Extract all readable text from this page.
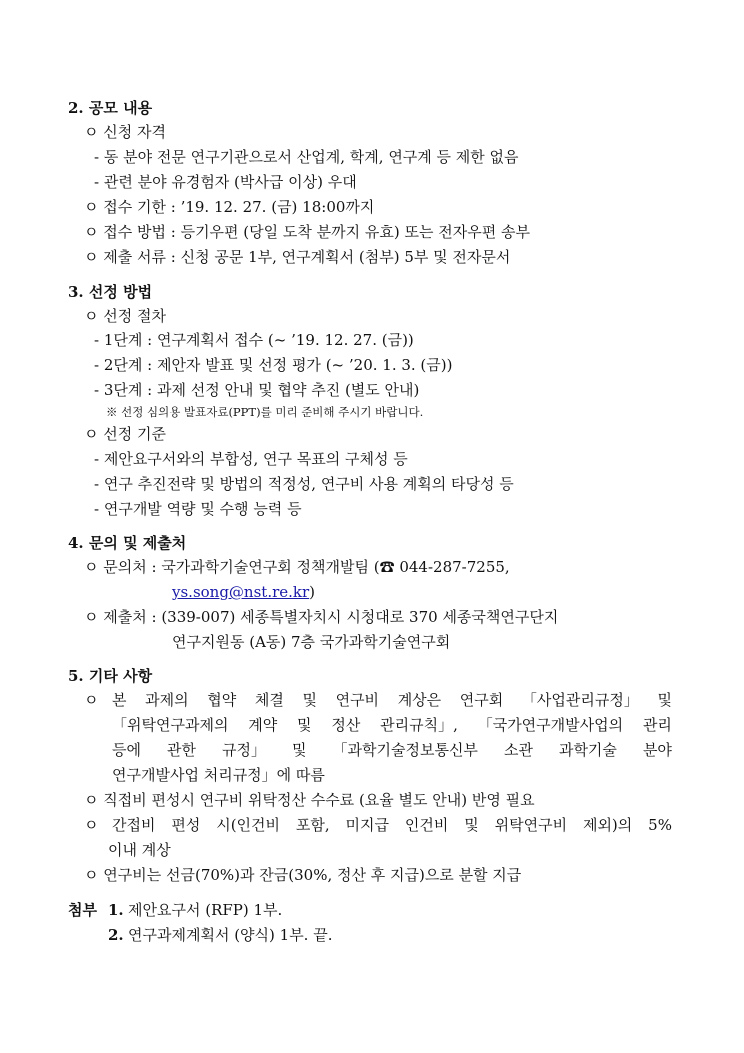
2. 공모 내용
ㅇ 신청 자격
- 동 분야 전문 연구기관으로서 산업계, 학계, 연구계 등 제한 없음
- 관련 분야 유경험자 (박사급 이상) 우대
ㅇ 접수 기한 : ’19. 12. 27. (금) 18:00까지
ㅇ 접수 방법 : 등기우편 (당일 도착 분까지 유효) 또는 전자우편 송부
ㅇ 제출 서류 : 신청 공문 1부, 연구계획서 (첨부) 5부 및 전자문서
3. 선정 방법
ㅇ 선정 절차
- 1단계 : 연구계획서 접수 (~ ’19. 12. 27. (금))
- 2단계 : 제안자 발표 및 선정 평가 (~ ’20. 1. 3. (금))
- 3단계 : 과제 선정 안내 및 협약 추진 (별도 안내)
※ 선정 심의용 발표자료(PPT)를 미리 준비해 주시기 바랍니다.
ㅇ 선정 기준
- 제안요구서와의 부합성, 연구 목표의 구체성 등
- 연구 추진전략 및 방법의 적정성, 연구비 사용 계획의 타당성 등
- 연구개발 역량 및 수행 능력 등
4. 문의 및 제출처
ㅇ 문의처 : 국가과학기술연구회 정책개발팀 (☎ 044-287-7255,
ys.song@nst.re.kr)
ㅇ 제출처 : (339-007) 세종특별자치시 시청대로 370 세종국책연구단지
연구지원동 (A동) 7층 국가과학기술연구회
5. 기타 사항
ㅇ 본 과제의 협약 체결 및 연구비 계상은 연구회 「사업관리규정」 및
「위탁연구과제의 계약 및 정산 관리규칙」, 「국가연구개발사업의 관리
등에 관한 규정」 및 「과학기술정보통신부 소관 과학기술 분야
연구개발사업 처리규정」에 따름
ㅇ 직접비 편성시 연구비 위탁정산 수수료 (요율 별도 안내) 반영 필요
ㅇ 간접비 편성 시(인건비 포함, 미지급 인건비 및 위탁연구비 제외)의 5%
이내 계상
ㅇ 연구비는 선금(70%)과 잔금(30%, 정산 후 지급)으로 분할 지급
첨부 1. 제안요구서 (RFP) 1부.
2. 연구과제계획서 (양식) 1부. 끝.
